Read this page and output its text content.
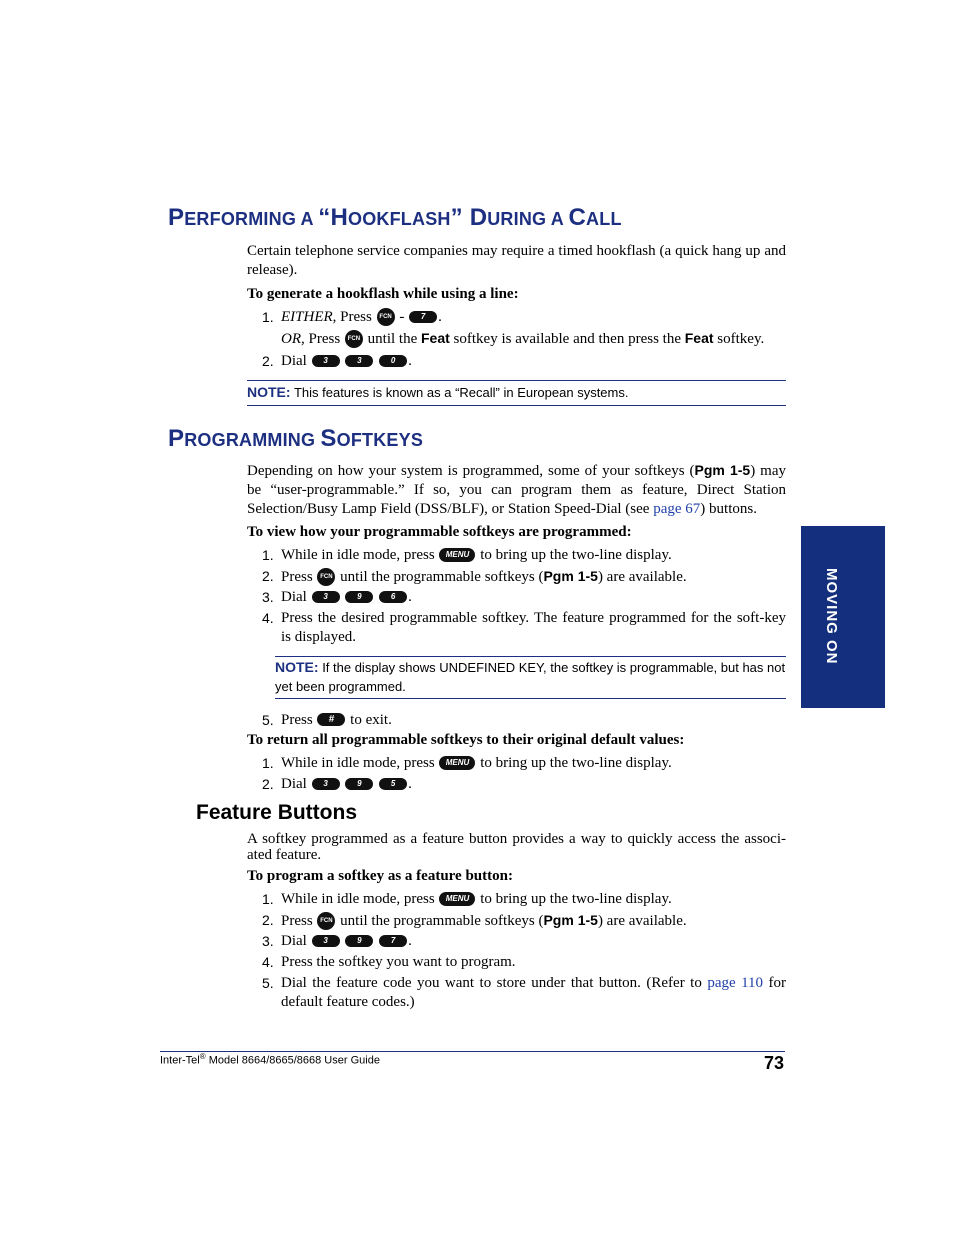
PERFORMING A “HOOKFLASH” DURING A CALL
Certain telephone service companies may require a timed hookflash (a quick hang up and release).
To generate a hookflash while using a line:
1. EITHER, Press FCN - 7 .
OR, Press FCN until the Feat softkey is available and then press the Feat softkey.
2. Dial 3	3	0 .
NOTE: This features is known as a “Recall” in European systems.
PROGRAMMING SOFTKEYS
Depending on how your system is programmed, some of your softkeys (Pgm 1-5) may be “user-programmable.” If so, you can program them as feature, Direct Station Selection/Busy Lamp Field (DSS/BLF), or Station Speed-Dial (see page 67) buttons.
To view how your programmable softkeys are programmed:
1. While in idle mode, press MENU to bring up the two-line display.
2. Press FCN until the programmable softkeys (Pgm 1-5) are available.
3. Dial 3	9	6 .
4. Press the desired programmable softkey. The feature programmed for the soft-key is displayed.
NOTE: If the display shows UNDEFINED KEY, the softkey is programmable, but has not yet been programmed.
5. Press # to exit.
To return all programmable softkeys to their original default values:
1. While in idle mode, press MENU to bring up the two-line display.
2. Dial 3	9	5 .
Feature Buttons
A softkey programmed as a feature button provides a way to quickly access the associ-ated feature.
To program a softkey as a feature button:
1. While in idle mode, press MENU to bring up the two-line display.
2. Press FCN until the programmable softkeys (Pgm 1-5) are available.
3. Dial 3	9	7 .
4. Press the softkey you want to program.
5. Dial the feature code you want to store under that button. (Refer to page 110 for default feature codes.)
MOVING ON
Inter-Tel® Model 8664/8665/8668 User Guide	73
